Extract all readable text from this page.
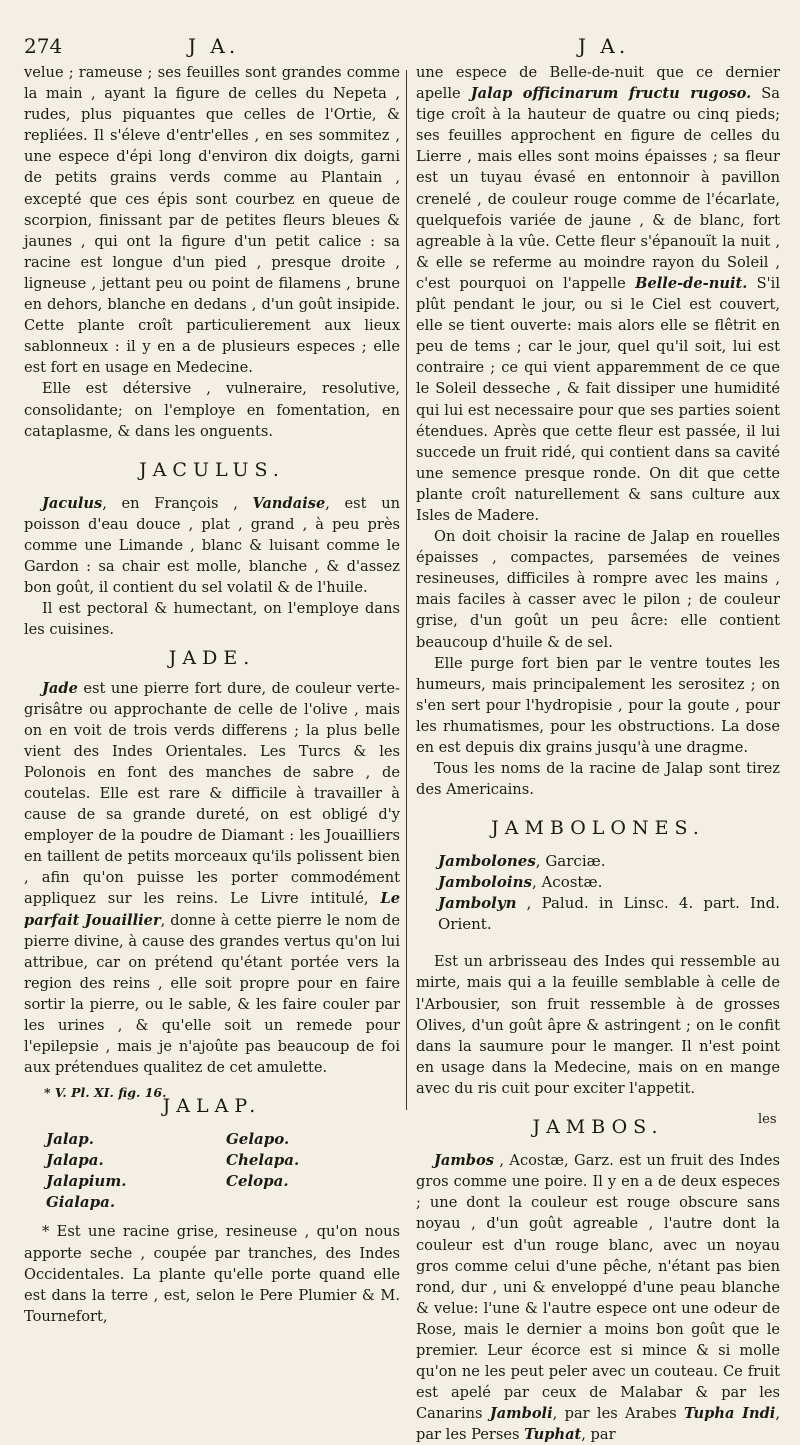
274	J A.	J A.

velue ; rameuse ; ses feuilles sont grandes comme la main , ayant la figure de celles du Nepeta , rudes, plus piquantes que celles de l'Ortie, & repliées. Il s'éleve d'entr'elles , en ses sommitez , une espece d'épi long d'environ dix doigts, garni de petits grains verds comme au Plantain , excepté que ces épis sont courbez en queue de scorpion, finissant par de petites fleurs bleues & jaunes , qui ont la figure d'un petit calice : sa racine est longue d'un pied , presque droite , ligneuse , jettant peu ou point de filamens , brune en dehors, blanche en dedans , d'un goût insipide. Cette plante croît particulierement aux lieux sablonneux : il y en a de plusieurs especes ; elle est fort en usage en Medecine.

Elle est détersive , vulneraire, resolutive, consolidante; on l'employe en fomentation, en cataplasme, & dans les onguents.

JACULUS.

Jaculus, en François , Vandaise, est un poisson d'eau douce , plat , grand , à peu près comme une Limande , blanc & luisant comme le Gardon : sa chair est molle, blanche , & d'assez bon goût, il contient du sel volatil & de l'huile.

Il est pectoral & humectant, on l'employe dans les cuisines.

JADE.

Jade est une pierre fort dure, de couleur verte-grisâtre ou approchante de celle de l'olive , mais on en voit de trois verds differens ; la plus belle vient des Indes Orientales. Les Turcs & les Polonois en font des manches de sabre , de coutelas. Elle est rare & difficile à travailler à cause de sa grande dureté, on est obligé d'y employer de la poudre de Diamant : les Jouailliers en taillent de petits morceaux qu'ils polissent bien , afin qu'on puisse les porter commodément appliquez sur les reins. Le Livre intitulé, Le parfait Jouaillier, donne à cette pierre le nom de pierre divine, à cause des grandes vertus qu'on lui attribue, car on prétend qu'étant portée vers la region des reins , elle soit propre pour en faire sortir la pierre, ou le sable, & les faire couler par les urines , & qu'elle soit un remede pour l'epilepsie , mais je n'ajoûte pas beaucoup de foi aux prétendues qualitez de cet amulette.

JALAP.
Jalap.	Gelapo.
Jalapa.	Chelapa.
Jalapium.	Celopa.
Gialapa.

* Est une racine grise, resineuse , qu'on nous apporte seche , coupée par tranches, des Indes Occidentales. La plante qu'elle porte quand elle est dans la terre , est, selon le Pere Plumier & M. Tournefort,

une espece de Belle-de-nuit que ce dernier apelle Jalap officinarum fructu rugoso. Sa tige croît à la hauteur de quatre ou cinq pieds; ses feuilles approchent en figure de celles du Lierre , mais elles sont moins épaisses ; sa fleur est un tuyau évasé en entonnoir à pavillon crenelé , de couleur rouge comme de l'écarlate, quelquefois variée de jaune , & de blanc, fort agreable à la vûe. Cette fleur s'épanouït la nuit , & elle se referme au moindre rayon du Soleil , c'est pourquoi on l'appelle Belle-de-nuit. S'il plût pendant le jour, ou si le Ciel est couvert, elle se tient ouverte: mais alors elle se flêtrit en peu de tems ; car le jour, quel qu'il soit, lui est contraire ; ce qui vient apparemment de ce que le Soleil desseche , & fait dissiper une humidité qui lui est necessaire pour que ses parties soient étendues. Après que cette fleur est passée, il lui succede un fruit ridé, qui contient dans sa cavité une semence presque ronde. On dit que cette plante croît naturellement & sans culture aux Isles de Madere.

On doit choisir la racine de Jalap en rouelles épaisses , compactes, parsemées de veines resineuses, difficiles à rompre avec les mains , mais faciles à casser avec le pilon ; de couleur grise, d'un goût un peu âcre: elle contient beaucoup d'huile & de sel.

Elle purge fort bien par le ventre toutes les humeurs, mais principalement les serositez ; on s'en sert pour l'hydropisie , pour la goute , pour les rhumatismes, pour les obstructions. La dose en est depuis dix grains jusqu'à une dragme.

Tous les noms de la racine de Jalap sont tirez des Americains.

JAMBOLONES.
Jambolones, Garciæ.
Jamboloins, Acostæ.
Jambolyn , Palud. in Linsc. 4. part. Ind. Orient.

Est un arbrisseau des Indes qui ressemble au mirte, mais qui a la feuille semblable à celle de l'Arbousier, son fruit ressemble à de grosses Olives, d'un goût âpre & astringent ; on le confit dans la saumure pour le manger. Il n'est point en usage dans la Medecine, mais on en mange avec du ris cuit pour exciter l'appetit.

JAMBOS.

Jambos , Acostæ, Garz. est un fruit des Indes gros comme une poire. Il y en a de deux especes ; une dont la couleur est rouge obscure sans noyau , d'un goût agreable , l'autre dont la couleur est d'un rouge blanc, avec un noyau gros comme celui d'une pêche, n'étant pas bien rond, dur , uni & enveloppé d'une peau blanche & velue: l'une & l'autre espece ont une odeur de Rose, mais le dernier a moins bon goût que le premier. Leur écorce est si mince & si molle qu'on ne les peut peler avec un couteau. Ce fruit est apelé par ceux de Malabar & par les Canarins Jamboli, par les Arabes Tupha Indi, par les Perses Tuphat, par

* V. Pl. XI. fig. 16.
les
